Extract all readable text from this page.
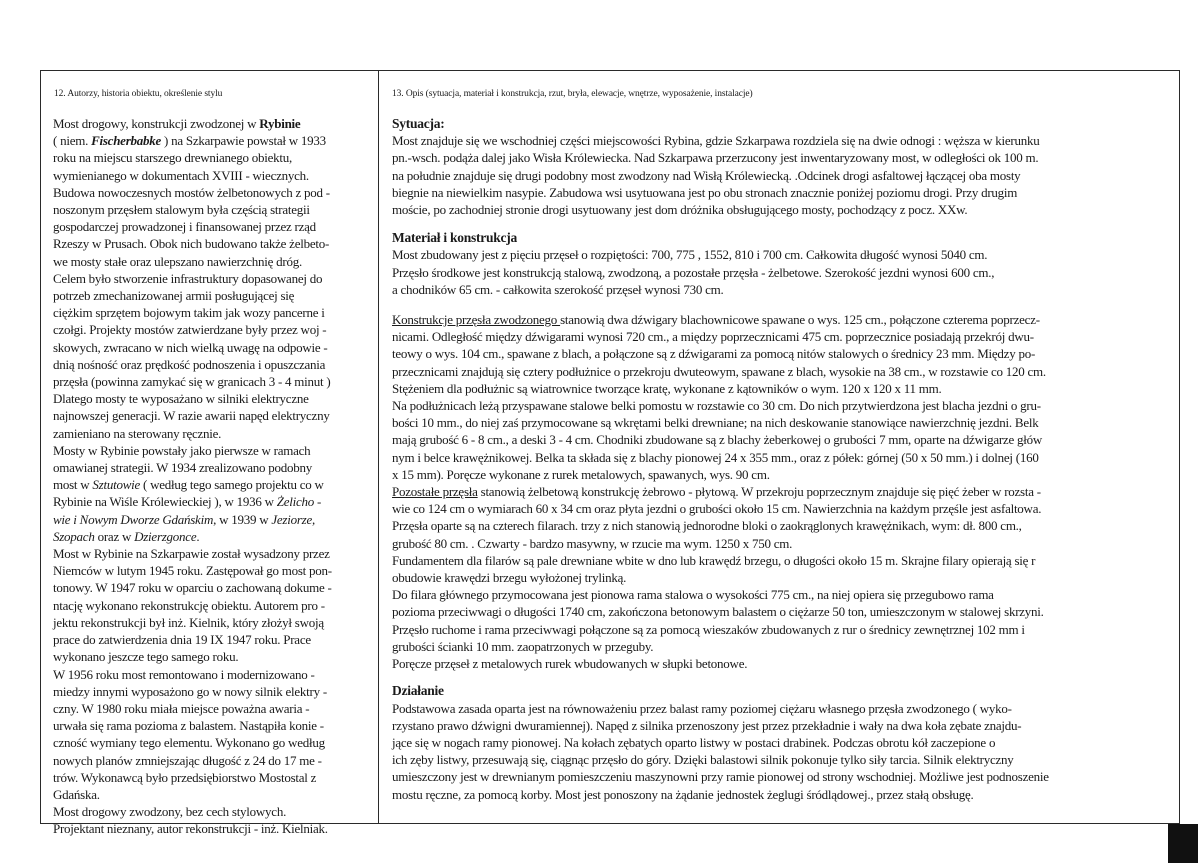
12. Autorzy, historia obiektu, określenie stylu	13. Opis (sytuacja, materiał i konstrukcja, rzut, bryła, elewacje, wnętrze, wyposażenie, instalacje)

Most drogowy, konstrukcji zwodzonej w Rybinie

( niem. Fischerbabke ) na Szkarpawie powstał w 1933

roku na miejscu starszego drewnianego obiektu,

wymienianego w dokumentach XVIII - wiecznych.

Budowa nowoczesnych mostów żelbetonowych z pod -

noszonym przęsłem stalowym była częścią strategii

gospodarczej prowadzonej i finansowanej przez rząd

Rzeszy w Prusach. Obok nich budowano także żelbeto-

we mosty stałe oraz ulepszano nawierzchnię dróg.

Celem było stworzenie infrastruktury dopasowanej do

potrzeb zmechanizowanej armii posługującej się

ciężkim sprzętem bojowym takim jak wozy pancerne i

czołgi. Projekty mostów zatwierdzane były przez woj -

skowych, zwracano w nich wielką uwagę na odpowie -

dnią nośność oraz prędkość podnoszenia i opuszczania

przęsła (powinna zamykać się w granicach 3 - 4 minut )

Dlatego mosty te wyposażano w silniki elektryczne

najnowszej generacji. W razie awarii napęd elektryczny

zamieniano na sterowany ręcznie.

Mosty w Rybinie powstały jako pierwsze w ramach

omawianej strategii. W 1934 zrealizowano podobny

most w Sztutowie ( według tego samego projektu co w

Rybinie na Wiśle Królewieckiej ), w 1936 w Żelicho -

wie i Nowym Dworze Gdańskim, w 1939 w Jeziorze,

Szopach oraz w Dzierzgonce.

Most w Rybinie na Szkarpawie został wysadzony przez

Niemców w lutym 1945 roku. Zastępował go most pon-

tonowy. W 1947 roku w oparciu o zachowaną dokume -

ntację wykonano rekonstrukcję obiektu. Autorem pro -

jektu rekonstrukcji był inż. Kielnik, który złożył swoją

prace do zatwierdzenia dnia 19 IX 1947 roku. Prace

wykonano jeszcze tego samego roku.

W 1956 roku most remontowano i modernizowano -

miedzy innymi wyposażono go w nowy silnik elektry -

czny. W 1980 roku miała miejsce poważna awaria -

urwała się rama pozioma z balastem. Nastąpiła konie -

czność wymiany tego elementu. Wykonano go według

nowych planów zmniejszając długość z 24 do 17 me -

trów. Wykonawcą było przedsiębiorstwo Mostostal z

Gdańska.

Most drogowy zwodzony, bez cech stylowych.

Projektant nieznany, autor rekonstrukcji - inż. Kielniak.

Sytuacja:

Most znajduje się we wschodniej części miejscowości Rybina, gdzie Szkarpawa rozdziela się na dwie odnogi : węższa w kierunku

pn.-wsch. podąża dalej jako Wisła Królewiecka. Nad Szkarpawa przerzucony jest inwentaryzowany most, w odległości ok 100 m.

na południe znajduje się drugi podobny most zwodzony nad Wisłą Królewiecką. .Odcinek drogi asfaltowej łączącej oba mosty

biegnie na niewielkim nasypie. Zabudowa wsi usytuowana jest po obu stronach znacznie poniżej poziomu drogi. Przy drugim

moście, po zachodniej stronie drogi usytuowany jest dom dróżnika obsługującego mosty, pochodzący z pocz. XXw.

Materiał i konstrukcja

Most zbudowany jest z pięciu przęseł o rozpiętości: 700, 775 , 1552, 810 i 700 cm. Całkowita długość wynosi 5040 cm.

Przęsło środkowe jest konstrukcją stalową, zwodzoną, a pozostałe przęsła - żelbetowe. Szerokość jezdni wynosi 600 cm.,

a chodników 65 cm. - całkowita szerokość przęseł wynosi 730 cm.

Konstrukcje przęsła zwodzonego stanowią dwa dźwigary blachownicowe spawane o wys. 125 cm., połączone czterema poprzecz-

nicami. Odległość między dźwigarami wynosi 720 cm., a między poprzecznicami 475 cm. poprzecznice posiadają przekrój dwu-

teowy o wys. 104 cm., spawane z blach, a połączone są z dźwigarami za pomocą nitów stalowych o średnicy 23 mm. Między po-

przecznicami znajdują się cztery podłużnice o przekroju dwuteowym, spawane z blach, wysokie na 38 cm., w rozstawie co 120 cm.

Stężeniem dla podłużnic są wiatrownice tworzące kratę, wykonane z kątowników o wym. 120 x 120 x 11 mm.

Na podłużnicach leżą przyspawane stalowe belki pomostu w rozstawie co 30 cm. Do nich przytwierdzona jest blacha jezdni o gru-

bości 10 mm., do niej zaś przymocowane są wkrętami belki drewniane; na nich deskowanie stanowiące nawierzchnię jezdni. Belk

mają grubość 6 - 8 cm., a deski 3 - 4 cm. Chodniki zbudowane są z blachy żeberkowej o grubości 7 mm, oparte na dźwigarze głów

nym i belce krawężnikowej. Belka ta składa się z blachy pionowej 24 x 355 mm., oraz z półek: górnej (50 x 50 mm.) i dolnej (160

x 15 mm). Poręcze wykonane z rurek metalowych, spawanych, wys. 90 cm.

Pozostałe przęsła stanowią żelbetową konstrukcję żebrowo - płytową. W przekroju poprzecznym znajduje się pięć żeber w rozsta -

wie co 124 cm o wymiarach 60 x 34 cm oraz płyta jezdni o grubości około 15 cm. Nawierzchnia na każdym przęśle jest asfaltowa.

Przęsła oparte są na czterech filarach. trzy z nich stanowią jednorodne bloki o zaokrąglonych krawężnikach, wym: dł. 800 cm.,

grubość 80 cm. . Czwarty - bardzo masywny, w rzucie ma wym. 1250 x 750 cm.

Fundamentem dla filarów są pale drewniane wbite w dno lub krawędź brzegu, o długości około 15 m. Skrajne filary opierają się r

obudowie krawędzi brzegu wyłożonej trylinką.

Do filara głównego przymocowana jest pionowa rama stalowa o wysokości 775 cm., na niej opiera się przegubowo rama

pozioma przeciwwagi o długości 1740 cm, zakończona betonowym balastem o ciężarze 50 ton, umieszczonym w stalowej skrzyni.

Przęsło ruchome i rama przeciwwagi połączone są za pomocą wieszaków zbudowanych z rur o średnicy zewnętrznej 102 mm i

grubości ściankі 10 mm. zaopatrzonych w przeguby.

Poręcze przęseł z metalowych rurek wbudowanych w słupki betonowe.

Działanie

Podstawowa zasada oparta jest na równoważeniu przez balast ramy poziomej ciężaru własnego przęsła zwodzonego ( wyko-

rzystano prawo dźwigni dwuramiennej). Napęd z silnika przenoszony jest przez przekładnie i wały na dwa koła zębate znajdu-

jące się w nogach ramy pionowej. Na kołach zębatych oparto listwy w postaci drabinek. Podczas obrotu kół zaczepione o

ich zęby listwy, przesuwają się, ciągnąc przęsło do góry. Dzięki balastowi silnik pokonuje tylko siły tarcia. Silnik elektryczny

umieszczony jest w drewnianym pomieszczeniu maszynowni przy ramie pionowej od strony wschodniej. Możliwe jest podnoszenie

mostu ręczne, za pomocą korby. Most jest ponoszony na żądanie jednostek żeglugi śródlądowej., przez stałą obsługę.
